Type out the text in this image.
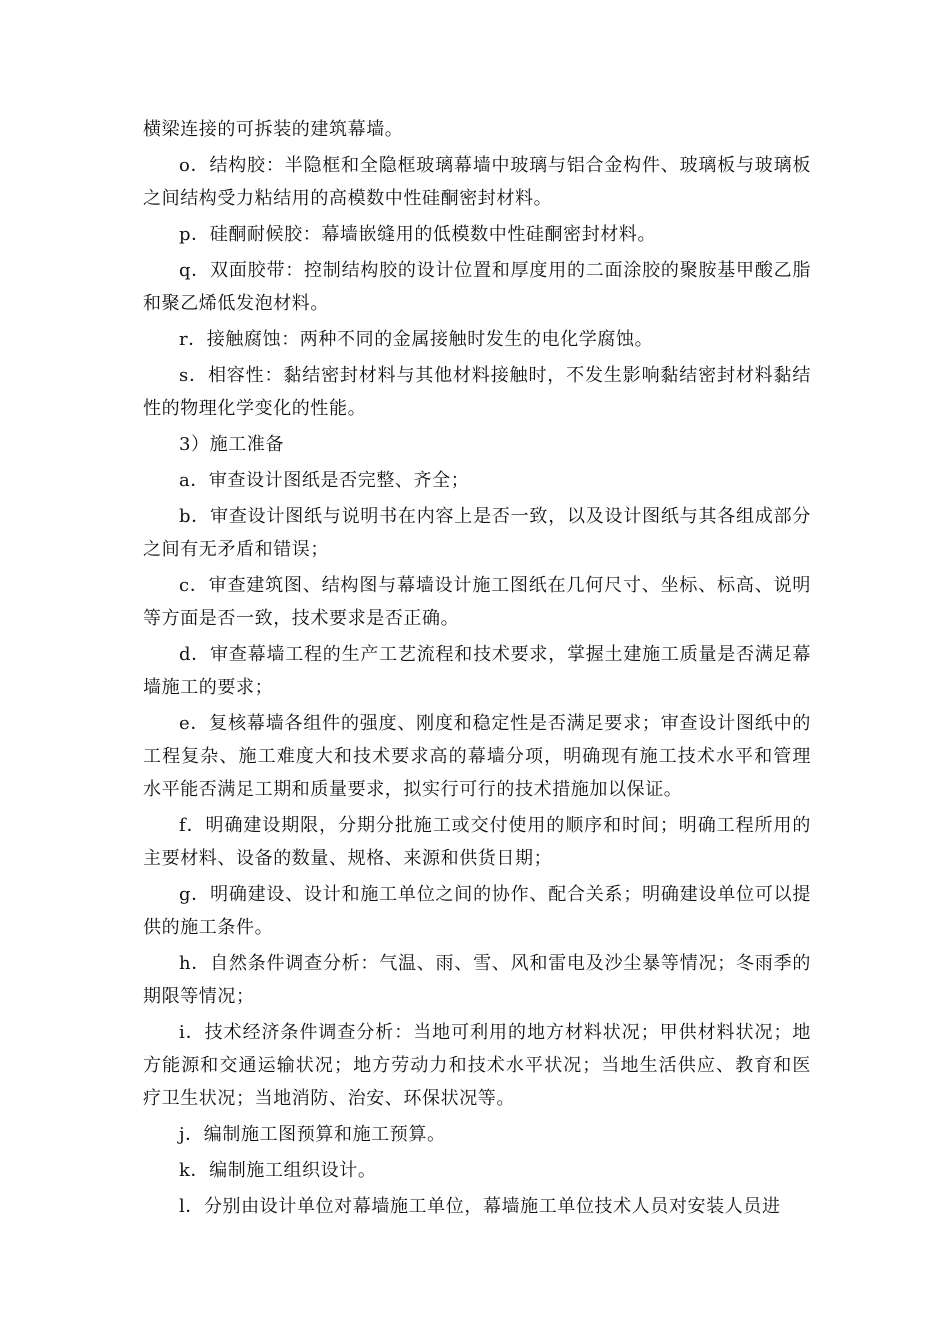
横梁连接的可拆装的建筑幕墙。

o．结构胶：半隐框和全隐框玻璃幕墙中玻璃与铝合金构件、玻璃板与玻璃板之间结构受力粘结用的高模数中性硅酮密封材料。

p．硅酮耐候胶：幕墙嵌缝用的低模数中性硅酮密封材料。

q．双面胶带：控制结构胶的设计位置和厚度用的二面涂胶的聚胺基甲酸乙脂和聚乙烯低发泡材料。

r．接触腐蚀：两种不同的金属接触时发生的电化学腐蚀。

s．相容性：黏结密封材料与其他材料接触时，不发生影响黏结密封材料黏结性的物理化学变化的性能。

3）施工准备

a．审查设计图纸是否完整、齐全；

b．审查设计图纸与说明书在内容上是否一致，以及设计图纸与其各组成部分之间有无矛盾和错误；

c．审查建筑图、结构图与幕墙设计施工图纸在几何尺寸、坐标、标高、说明等方面是否一致，技术要求是否正确。

d．审查幕墙工程的生产工艺流程和技术要求，掌握土建施工质量是否满足幕墙施工的要求；

e．复核幕墙各组件的强度、刚度和稳定性是否满足要求；审查设计图纸中的工程复杂、施工难度大和技术要求高的幕墙分项，明确现有施工技术水平和管理水平能否满足工期和质量要求，拟实行可行的技术措施加以保证。

f．明确建设期限，分期分批施工或交付使用的顺序和时间；明确工程所用的主要材料、设备的数量、规格、来源和供货日期；

g．明确建设、设计和施工单位之间的协作、配合关系；明确建设单位可以提供的施工条件。

h．自然条件调查分析：气温、雨、雪、风和雷电及沙尘暴等情况；冬雨季的期限等情况；

i．技术经济条件调查分析：当地可利用的地方材料状况；甲供材料状况；地方能源和交通运输状况；地方劳动力和技术水平状况；当地生活供应、教育和医疗卫生状况；当地消防、治安、环保状况等。

j．编制施工图预算和施工预算。

k．编制施工组织设计。

l．分别由设计单位对幕墙施工单位，幕墙施工单位技术人员对安装人员进
